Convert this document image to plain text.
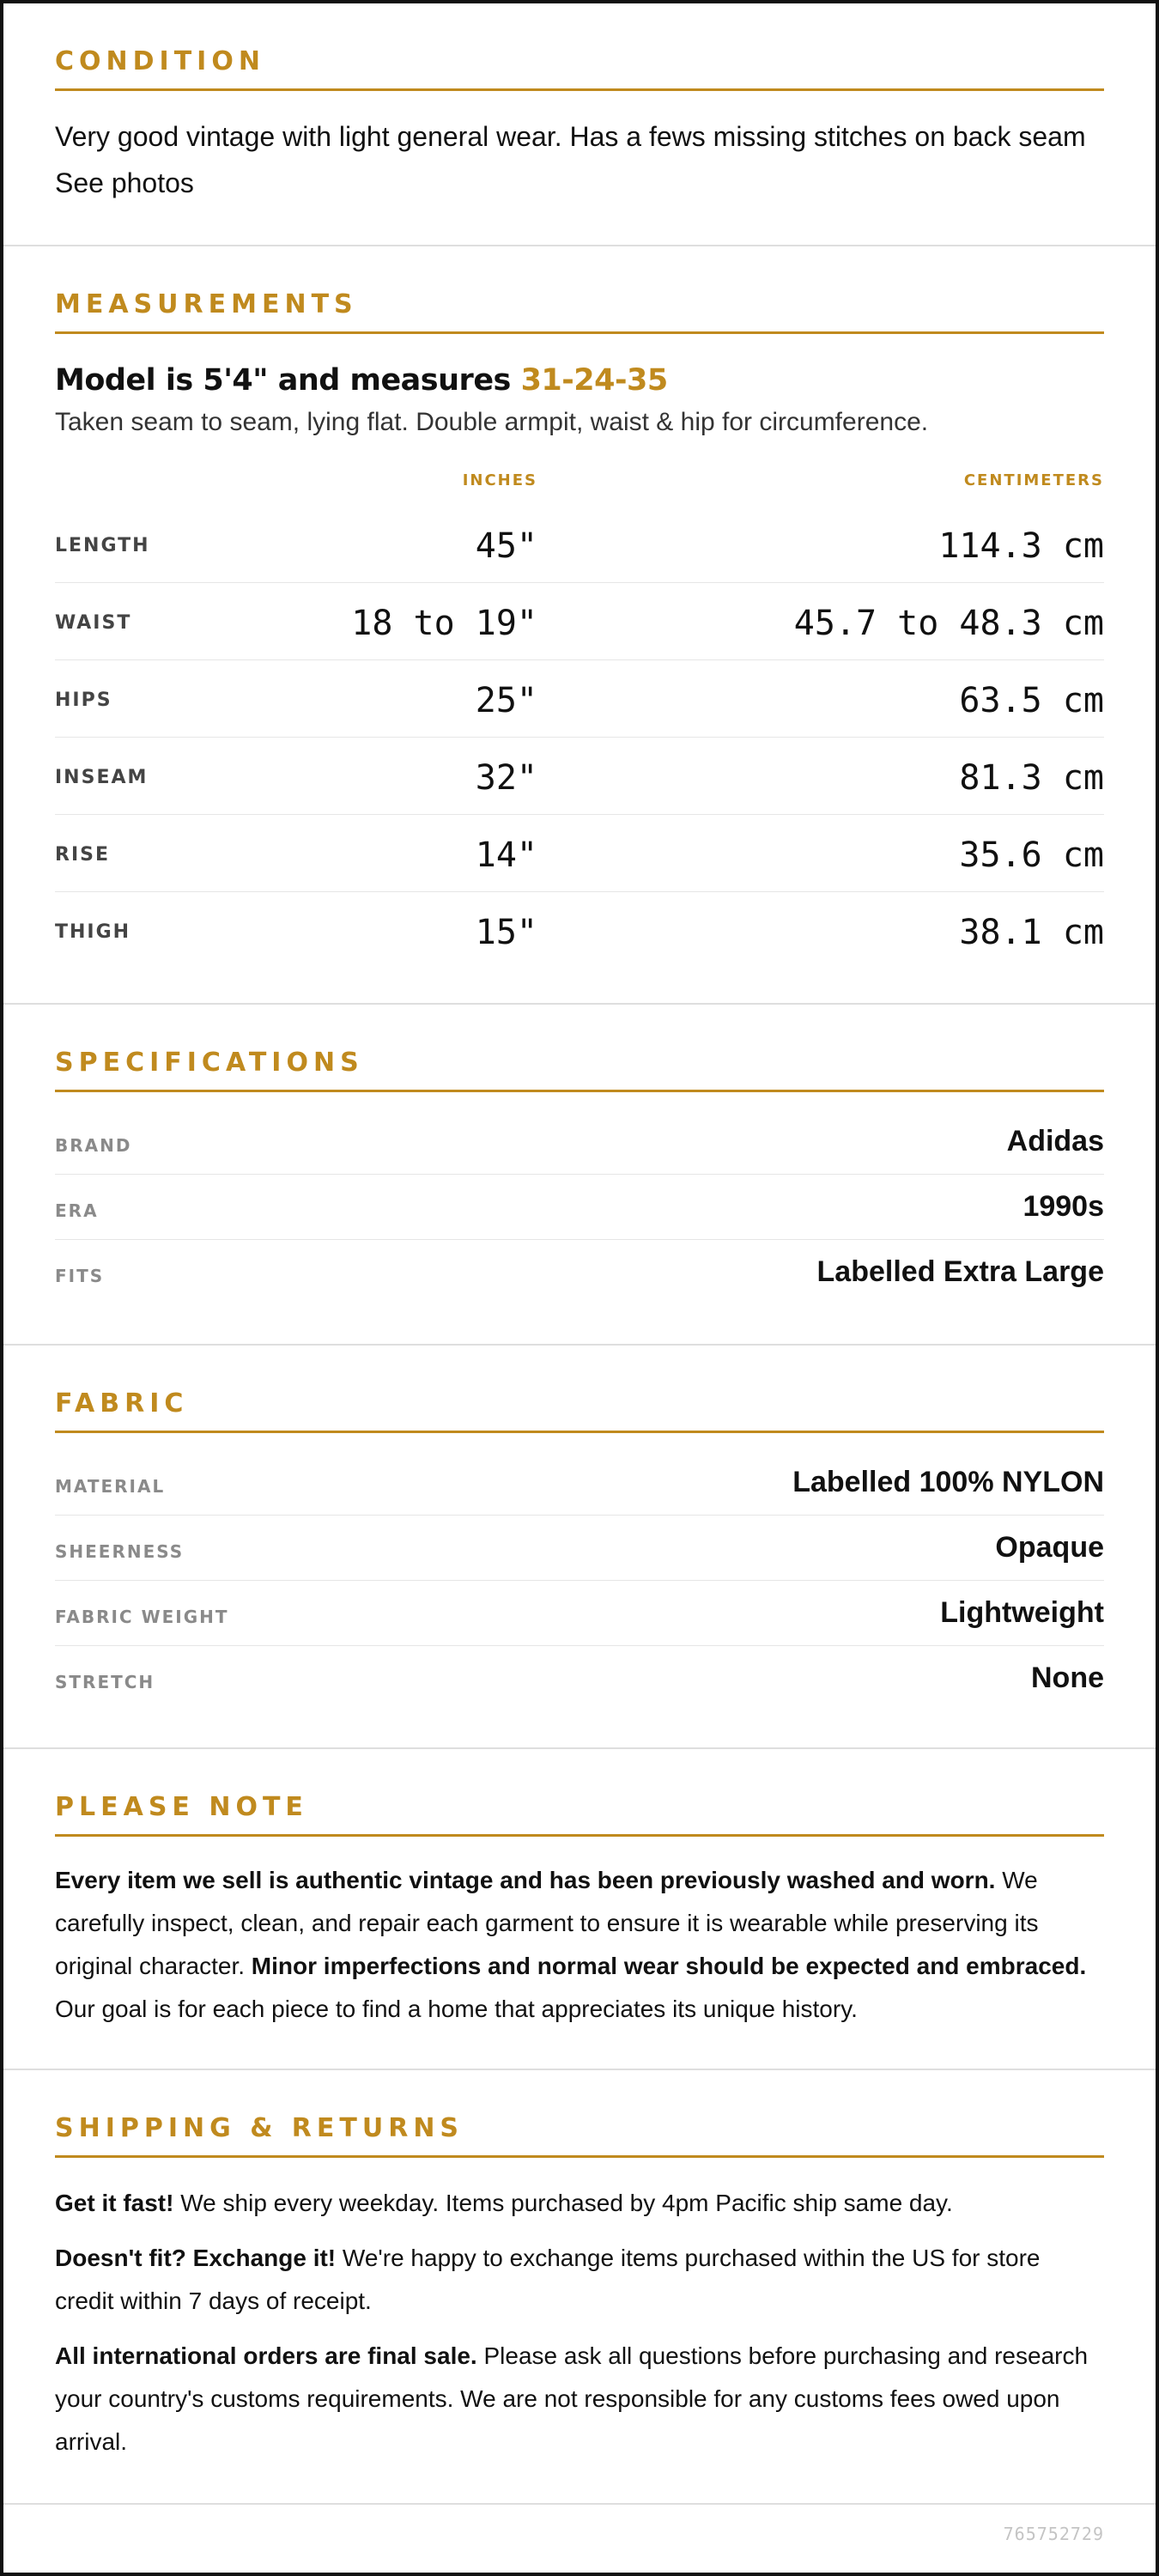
CONDITION

Very good vintage with light general wear. Has a fews missing stitches on back seam
See photos

MEASUREMENTS
Model is 5'4" and measures 31-24-35
Taken seam to seam, lying flat. Double armpit, waist & hip for circumference.
INCHES	CENTIMETERS
LENGTH	45"	114.3 cm
WAIST	18 to 19"	45.7 to 48.3 cm
HIPS	25"	63.5 cm
INSEAM	32"	81.3 cm
RISE	14"	35.6 cm
THIGH	15"	38.1 cm
SPECIFICATIONS
BRAND	Adidas
ERA	1990s
FITS	Labelled Extra Large
FABRIC
MATERIAL	Labelled 100% NYLON
SHEERNESS	Opaque
FABRIC WEIGHT	Lightweight
STRETCH	None
PLEASE NOTE

Every item we sell is authentic vintage and has been previously washed and worn. We carefully inspect, clean, and repair each garment to ensure it is wearable while preserving its original character. Minor imperfections and normal wear should be expected and embraced. Our goal is for each piece to find a home that appreciates its unique history.

SHIPPING & RETURNS

Get it fast! We ship every weekday. Items purchased by 4pm Pacific ship same day.

Doesn't fit? Exchange it! We're happy to exchange items purchased within the US for store credit within 7 days of receipt.

All international orders are final sale. Please ask all questions before purchasing and research your country's customs requirements. We are not responsible for any customs fees owed upon arrival.

765752729
